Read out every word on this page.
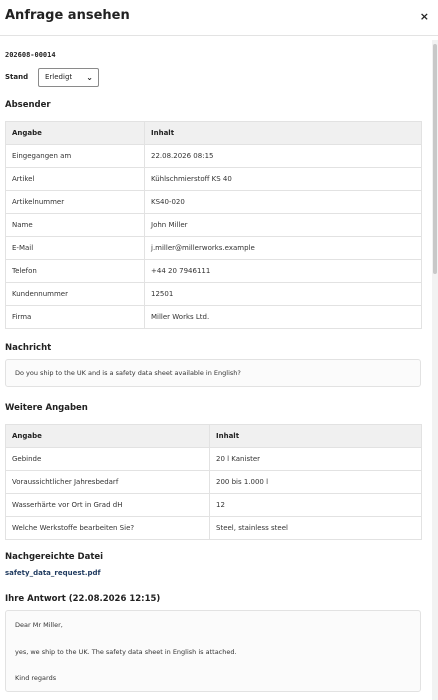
Anfrage ansehen	×
202608-00014
Stand	Erledigt ⌄
Absender
Angabe	Inhalt
Eingegangen am	22.08.2026 08:15
Artikel	Kühlschmierstoff KS 40
Artikelnummer	KS40-020
Name	John Miller
E-Mail	j.miller@millerworks.example
Telefon	+44 20 7946111
Kundennummer	12501
Firma	Miller Works Ltd.
Nachricht
Do you ship to the UK and is a safety data sheet available in English?
Weitere Angaben
Angabe	Inhalt
Gebinde	20 l Kanister
Voraussichtlicher Jahresbedarf	200 bis 1.000 l
Wasserhärte vor Ort in Grad dH	12
Welche Werkstoffe bearbeiten Sie?	Steel, stainless steel
Nachgereichte Datei
safety_data_request.pdf
Ihre Antwort (22.08.2026 12:15)
Dear Mr Miller,
yes, we ship to the UK. The safety data sheet in English is attached.
Kind regards
